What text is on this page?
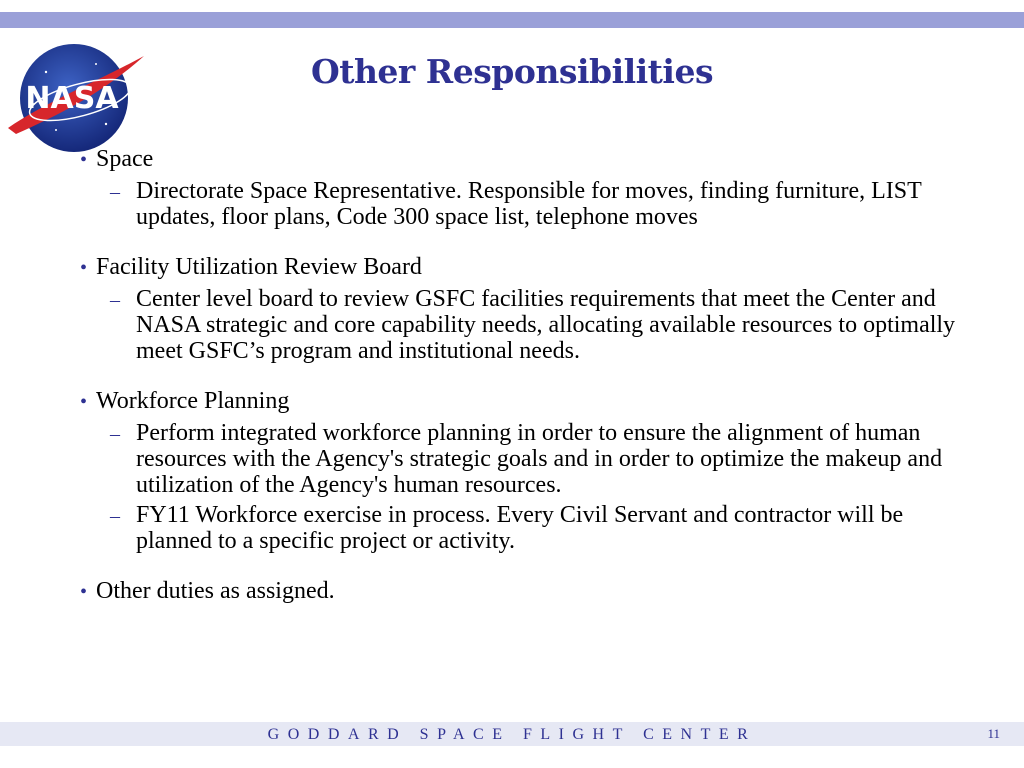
NASA
Other Responsibilities
• Space
– Directorate Space Representative. Responsible for moves, finding furniture, LIST updates, floor plans, Code 300 space list, telephone moves
• Facility Utilization Review Board
– Center level board to review GSFC facilities requirements that meet the Center and NASA strategic and core capability needs, allocating available resources to optimally meet GSFC’s program and institutional needs.
• Workforce Planning
– Perform integrated workforce planning in order to ensure the alignment of human resources with the Agency's strategic goals and in order to optimize the makeup and utilization of the Agency's human resources.
– FY11 Workforce exercise in process. Every Civil Servant and contractor will be planned to a specific project or activity.
• Other duties as assigned.
GODDARD SPACE FLIGHT CENTER	11
